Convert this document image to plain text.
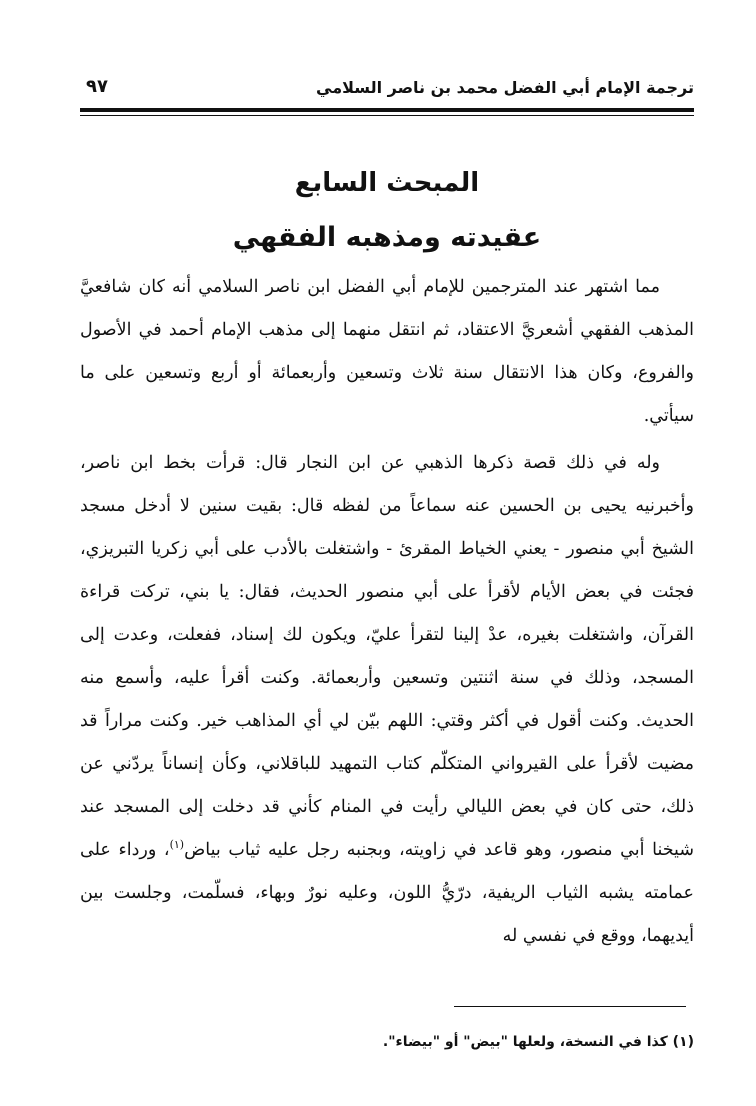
ترجمة الإمام أبي الفضل محمد بن ناصر السلامي
٩٧
المبحث السابع
عقيدته ومذهبه الفقهي

مما اشتهر عند المترجمين للإمام أبي الفضل ابن ناصر السلامي أنه كان شافعيَّ المذهب الفقهي أشعريَّ الاعتقاد، ثم انتقل منهما إلى مذهب الإمام أحمد في الأصول والفروع، وكان هذا الانتقال سنة ثلاث وتسعين وأربعمائة أو أربع وتسعين على ما سيأتي.

وله في ذلك قصة ذكرها الذهبي عن ابن النجار قال: قرأت بخط ابن ناصر، وأخبرنيه يحيى بن الحسين عنه سماعاً من لفظه قال: بقيت سنين لا أدخل مسجد الشيخ أبي منصور - يعني الخياط المقرئ - واشتغلت بالأدب على أبي زكريا التبريزي، فجئت في بعض الأيام لأقرأ على أبي منصور الحديث، فقال: يا بني، تركت قراءة القرآن، واشتغلت بغيره، عدْ إلينا لتقرأ عليّ، ويكون لك إسناد، ففعلت، وعدت إلى المسجد، وذلك في سنة اثنتين وتسعين وأربعمائة. وكنت أقرأ عليه، وأسمع منه الحديث. وكنت أقول في أكثر وقتي: اللهم بيّن لي أي المذاهب خير. وكنت مراراً قد مضيت لأقرأ على القيرواني المتكلّم كتاب التمهيد للباقلاني، وكأن إنساناً يردّني عن ذلك، حتى كان في بعض الليالي رأيت في المنام كأني قد دخلت إلى المسجد عند شيخنا أبي منصور، وهو قاعد في زاويته، وبجنبه رجل عليه ثياب بياض$^{(١)}$، ورداء على عمامته يشبه الثياب الريفية، درّيُّ اللون، وعليه نورٌ وبهاء، فسلّمت، وجلست بين أيديهما، ووقع في نفسي له

(١) كذا في النسخة، ولعلها "بيض" أو "بيضاء".
